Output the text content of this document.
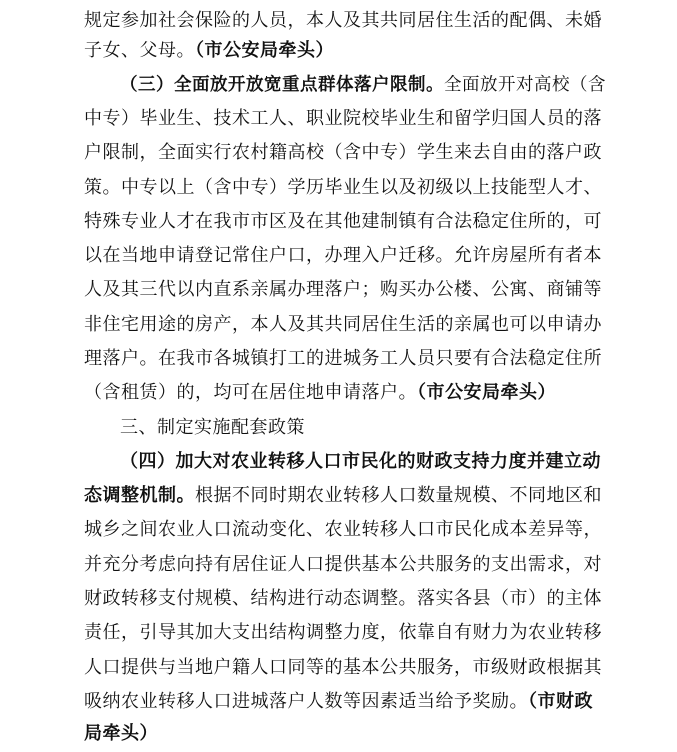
规定参加社会保险的人员，本人及其共同居住生活的配偶、未婚
子女、父母。（市公安局牵头）
（三）全面放开放宽重点群体落户限制。全面放开对高校（含
中专）毕业生、技术工人、职业院校毕业生和留学归国人员的落
户限制，全面实行农村籍高校（含中专）学生来去自由的落户政
策。中专以上（含中专）学历毕业生以及初级以上技能型人才、
特殊专业人才在我市市区及在其他建制镇有合法稳定住所的，可
以在当地申请登记常住户口，办理入户迁移。允许房屋所有者本
人及其三代以内直系亲属办理落户；购买办公楼、公寓、商铺等
非住宅用途的房产，本人及其共同居住生活的亲属也可以申请办
理落户。在我市各城镇打工的进城务工人员只要有合法稳定住所
（含租赁）的，均可在居住地申请落户。（市公安局牵头）
三、制定实施配套政策
（四）加大对农业转移人口市民化的财政支持力度并建立动
态调整机制。根据不同时期农业转移人口数量规模、不同地区和
城乡之间农业人口流动变化、农业转移人口市民化成本差异等，
并充分考虑向持有居住证人口提供基本公共服务的支出需求，对
财政转移支付规模、结构进行动态调整。落实各县（市）的主体
责任，引导其加大支出结构调整力度，依靠自有财力为农业转移
人口提供与当地户籍人口同等的基本公共服务，市级财政根据其
吸纳农业转移人口进城落户人数等因素适当给予奖励。（市财政
局牵头）
